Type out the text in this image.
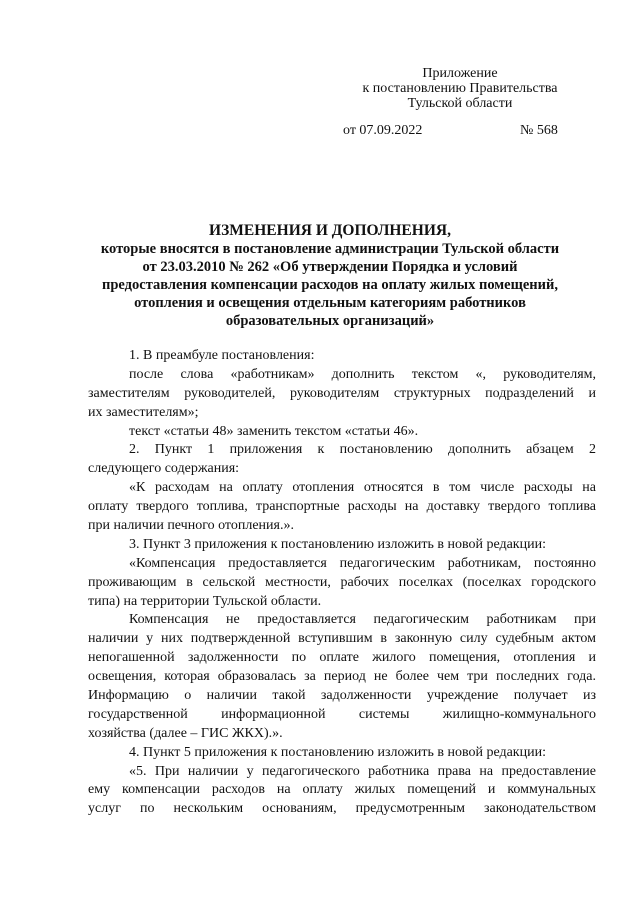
Приложение
к постановлению Правительства
Тульской области
от 07.09.2022	№ 568
ИЗМЕНЕНИЯ И ДОПОЛНЕНИЯ,
которые вносятся в постановление администрации Тульской области
от 23.03.2010 № 262 «Об утверждении Порядка и условий
предоставления компенсации расходов на оплату жилых помещений,
отопления и освещения отдельным категориям работников
образовательных организаций»
1. В преамбуле постановления:
после слова «работникам» дополнить текстом «, руководителям,
заместителям руководителей, руководителям структурных подразделений и
их заместителям»;
текст «статьи 48» заменить текстом «статьи 46».
2. Пункт 1 приложения к постановлению дополнить абзацем 2
следующего содержания:
«К расходам на оплату отопления относятся в том числе расходы на
оплату твердого топлива, транспортные расходы на доставку твердого топлива
при наличии печного отопления.».
3. Пункт 3 приложения к постановлению изложить в новой редакции:
«Компенсация предоставляется педагогическим работникам, постоянно
проживающим в сельской местности, рабочих поселках (поселках городского
типа) на территории Тульской области.
Компенсация не предоставляется педагогическим работникам при
наличии у них подтвержденной вступившим в законную силу судебным актом
непогашенной задолженности по оплате жилого помещения, отопления и
освещения, которая образовалась за период не более чем три последних года.
Информацию о наличии такой задолженности учреждение получает из
государственной информационной системы жилищно-коммунального
хозяйства (далее – ГИС ЖКХ).».
4. Пункт 5 приложения к постановлению изложить в новой редакции:
«5. При наличии у педагогического работника права на предоставление
ему компенсации расходов на оплату жилых помещений и коммунальных
услуг по нескольким основаниям, предусмотренным законодательством
